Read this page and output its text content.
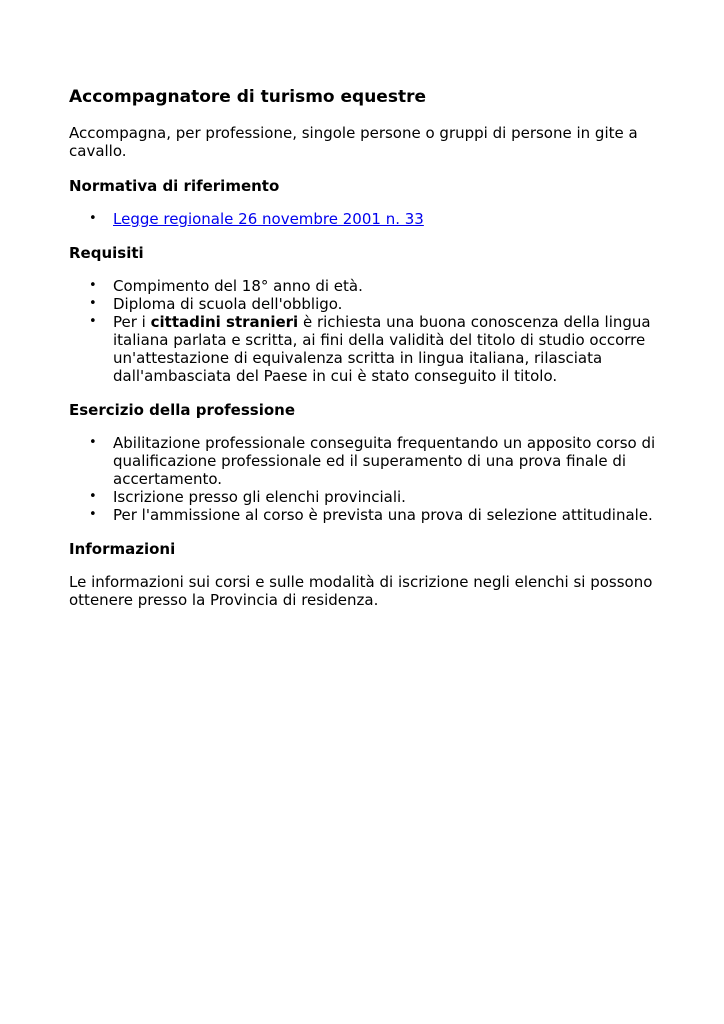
Accompagnatore di turismo equestre

Accompagna, per professione, singole persone o gruppi di persone in gite a cavallo.

Normativa di riferimento
• Legge regionale 26 novembre 2001 n. 33
Requisiti
• Compimento del 18° anno di età.
• Diploma di scuola dell'obbligo.
• Per i cittadini stranieri è richiesta una buona conoscenza della lingua italiana parlata e scritta, ai fini della validità del titolo di studio occorre un'attestazione di equivalenza scritta in lingua italiana, rilasciata dall'ambasciata del Paese in cui è stato conseguito il titolo.
Esercizio della professione
• Abilitazione professionale conseguita frequentando un apposito corso di qualificazione professionale ed il superamento di una prova finale di accertamento.
• Iscrizione presso gli elenchi provinciali.
• Per l'ammissione al corso è prevista una prova di selezione attitudinale.
Informazioni

Le informazioni sui corsi e sulle modalità di iscrizione negli elenchi si possono ottenere presso la Provincia di residenza.
